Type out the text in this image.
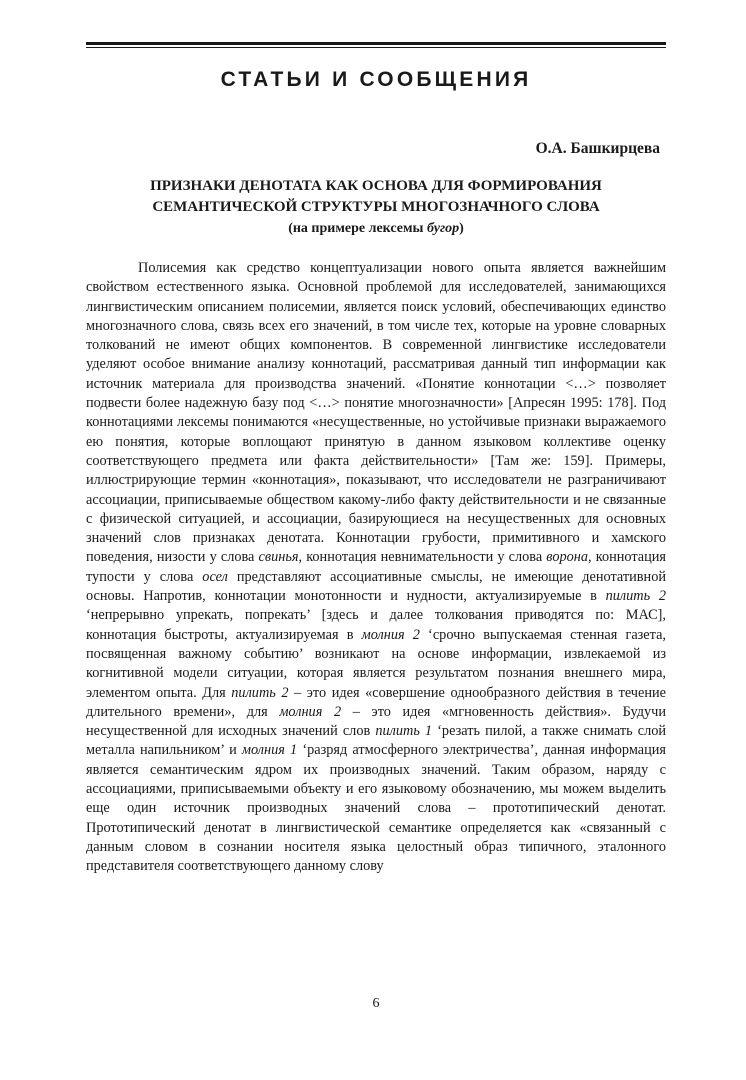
СТАТЬИ И СООБЩЕНИЯ
О.А. Башкирцева
ПРИЗНАКИ ДЕНОТАТА КАК ОСНОВА ДЛЯ ФОРМИРОВАНИЯ
СЕМАНТИЧЕСКОЙ СТРУКТУРЫ МНОГОЗНАЧНОГО СЛОВА
(на примере лексемы бугор)

Полисемия как средство концептуализации нового опыта является важнейшим свойством естественного языка. Основной проблемой для исследователей, занимающихся лингвистическим описанием полисемии, является поиск условий, обеспечивающих единство многозначного слова, связь всех его значений, в том числе тех, которые на уровне словарных толкований не имеют общих компонентов. В современной лингвистике исследователи уделяют особое внимание анализу коннотаций, рассматривая данный тип информации как источник материала для производства значений. «Понятие коннотации <…> позволяет подвести более надежную базу под <…> понятие многозначности» [Апресян 1995: 178]. Под коннотациями лексемы понимаются «несущественные, но устойчивые признаки выражаемого ею понятия, которые воплощают принятую в данном языковом коллективе оценку соответствующего предмета или факта действительности» [Там же: 159]. Примеры, иллюстрирующие термин «коннотация», показывают, что исследователи не разграничивают ассоциации, приписываемые обществом какому-либо факту действительности и не связанные с физической ситуацией, и ассоциации, базирующиеся на несущественных для основных значений слов признаках денотата. Коннотации грубости, примитивного и хамского поведения, низости у слова свинья, коннотация невнимательности у слова ворона, коннотация тупости у слова осел представляют ассоциативные смыслы, не имеющие денотативной основы. Напротив, коннотации монотонности и нудности, актуализируемые в пилить 2 ‘непрерывно упрекать, попрекать’ [здесь и далее толкования приводятся по: МАС], коннотация быстроты, актуализируемая в молния 2 ‘срочно выпускаемая стенная газета, посвященная важному событию’ возникают на основе информации, извлекаемой из когнитивной модели ситуации, которая является результатом познания внешнего мира, элементом опыта. Для пилить 2 – это идея «совершение однообразного действия в течение длительного времени», для молния 2 – это идея «мгновенность действия». Будучи несущественной для исходных значений слов пилить 1 ‘резать пилой, а также снимать слой металла напильником’ и молния 1 ‘разряд атмосферного электричества’, данная информация является семантическим ядром их производных значений. Таким образом, наряду с ассоциациями, приписываемыми объекту и его языковому обозначению, мы можем выделить еще один источник производных значений слова – прототипический денотат. Прототипический денотат в лингвистической семантике определяется как «связанный с данным словом в сознании носителя языка целостный образ типичного, эталонного представителя соответствующего данному слову

6
